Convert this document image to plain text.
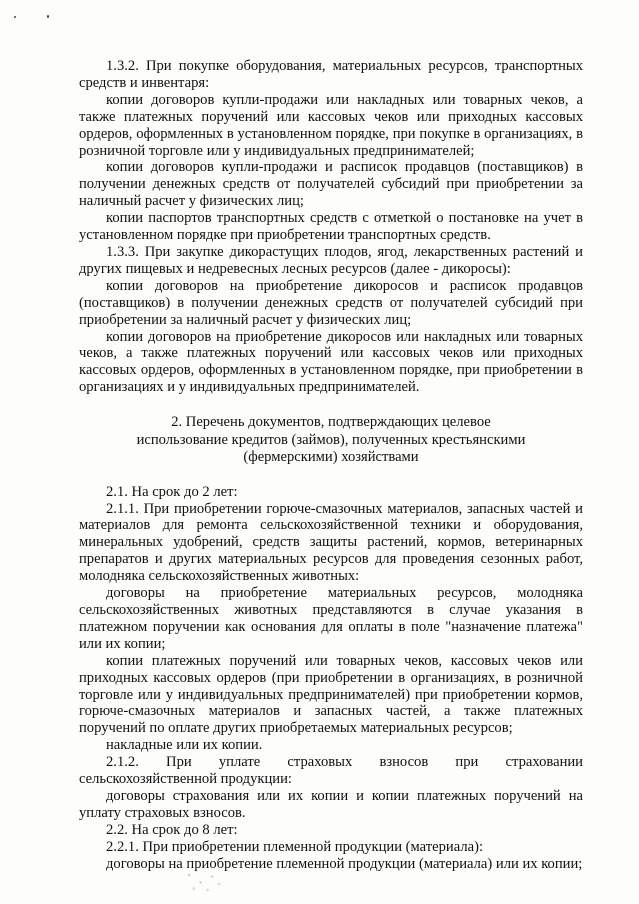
1.3.2. При покупке оборудования, материальных ресурсов, транспортных средств и инвентаря:

копии договоров купли-продажи или накладных или товарных чеков, а также платежных поручений или кассовых чеков или приходных кассовых ордеров, оформленных в установленном порядке, при покупке в организациях, в розничной торговле или у индивидуальных предпринимателей;

копии договоров купли-продажи и расписок продавцов (поставщиков) в получении денежных средств от получателей субсидий при приобретении за наличный расчет у физических лиц;

копии паспортов транспортных средств с отметкой о постановке на учет в установленном порядке при приобретении транспортных средств.

1.3.3. При закупке дикорастущих плодов, ягод, лекарственных растений и других пищевых и недревесных лесных ресурсов (далее - дикоросы):

копии договоров на приобретение дикоросов и расписок продавцов (поставщиков) в получении денежных средств от получателей субсидий при приобретении за наличный расчет у физических лиц;

копии договоров на приобретение дикоросов или накладных или товарных чеков, а также платежных поручений или кассовых чеков или приходных кассовых ордеров, оформленных в установленном порядке, при приобретении в организациях и у индивидуальных предпринимателей.

2. Перечень документов, подтверждающих целевое

использование кредитов (займов), полученных крестьянскими

(фермерскими) хозяйствами

2.1. На срок до 2 лет:

2.1.1. При приобретении горюче-смазочных материалов, запасных частей и материалов для ремонта сельскохозяйственной техники и оборудования, минеральных удобрений, средств защиты растений, кормов, ветеринарных препаратов и других материальных ресурсов для проведения сезонных работ, молодняка сельскохозяйственных животных:

договоры на приобретение материальных ресурсов, молодняка сельскохозяйственных животных представляются в случае указания в платежном поручении как основания для оплаты в поле "назначение платежа" или их копии;

копии платежных поручений или товарных чеков, кассовых чеков или приходных кассовых ордеров (при приобретении в организациях, в розничной торговле или у индивидуальных предпринимателей) при приобретении кормов, горюче-смазочных материалов и запасных частей, а также платежных поручений по оплате других приобретаемых материальных ресурсов;

накладные или их копии.

2.1.2. При уплате страховых взносов при страховании сельскохозяйственной продукции:

договоры страхования или их копии и копии платежных поручений на уплату страховых взносов.

2.2. На срок до 8 лет:

2.2.1. При приобретении племенной продукции (материала):

договоры на приобретение племенной продукции (материала) или их копии;
